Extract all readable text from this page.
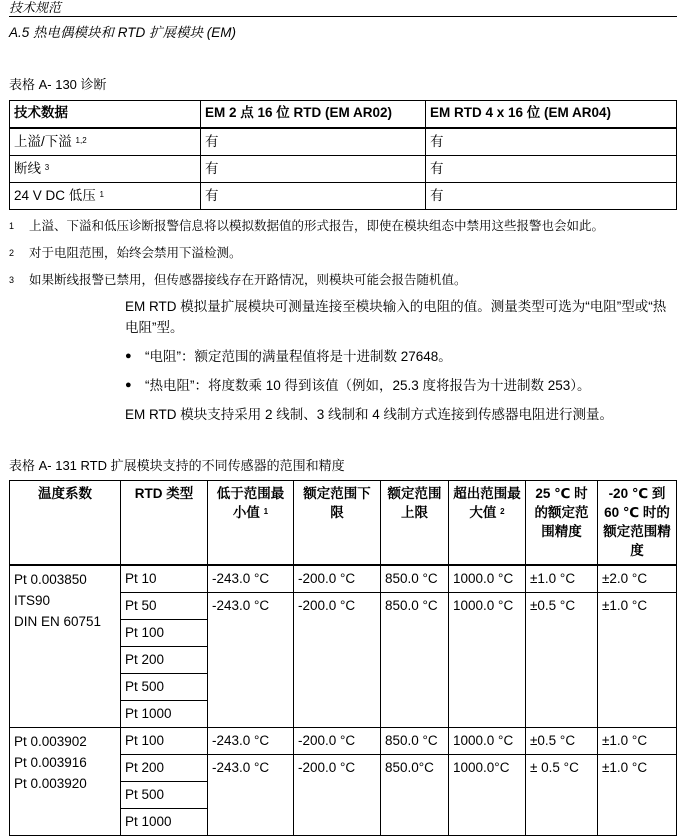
技术规范
A.5 热电偶模块和 RTD 扩展模块 (EM)
表格 A- 130 诊断
技术数据	EM 2 点 16 位 RTD (EM AR02)	EM RTD 4 x 16 位 (EM AR04)
上溢/下溢 $^{1,2}$	有	有
断线 $^3$	有	有
24 V DC 低压 $^1$	有	有
1 上溢、下溢和低压诊断报警信息将以模拟数据值的形式报告，即使在模块组态中禁用这些报警也会如此。
2 对于电阻范围，始终会禁用下溢检测。
3 如果断线报警已禁用，但传感器接线存在开路情况，则模块可能会报告随机值。

EM RTD 模拟量扩展模块可测量连接至模块输入的电阻的值。测量类型可选为“电阻”型或“热电阻”型。

● “电阻”：额定范围的满量程值将是十进制数 27648。
● “热电阻”：将度数乘 10 得到该值（例如，25.3 度将报告为十进制数 253）。

EM RTD 模块支持采用 2 线制、3 线制和 4 线制方式连接到传感器电阻进行测量。

表格 A- 131 RTD 扩展模块支持的不同传感器的范围和精度
温度系数	RTD 类型	低于范围最小值 $^1$	额定范围下限	额定范围上限	超出范围最大值 $^2$	25 ℃ 时的额定范围精度	-20 ℃ 到 60 ℃ 时的额定范围精度

Pt 0.003850
ITS90
DIN EN 60751	Pt 10	-243.0 °C	-200.0 °C	850.0 °C	1000.0 °C	±1.0 °C	±2.0 °C
	Pt 50	-243.0 °C	-200.0 °C	850.0 °C	1000.0 °C	±0.5 °C	±1.0 °C
	Pt 100						
	Pt 200						
	Pt 500						
	Pt 1000						

Pt 0.003902
Pt 0.003916
Pt 0.003920	Pt 100	-243.0 °C	-200.0 °C	850.0 °C	1000.0 °C	±0.5 °C	±1.0 °C
	Pt 200	-243.0 °C	-200.0 °C	850.0°C	1000.0°C	± 0.5 °C	±1.0 °C
	Pt 500						
	Pt 1000						
